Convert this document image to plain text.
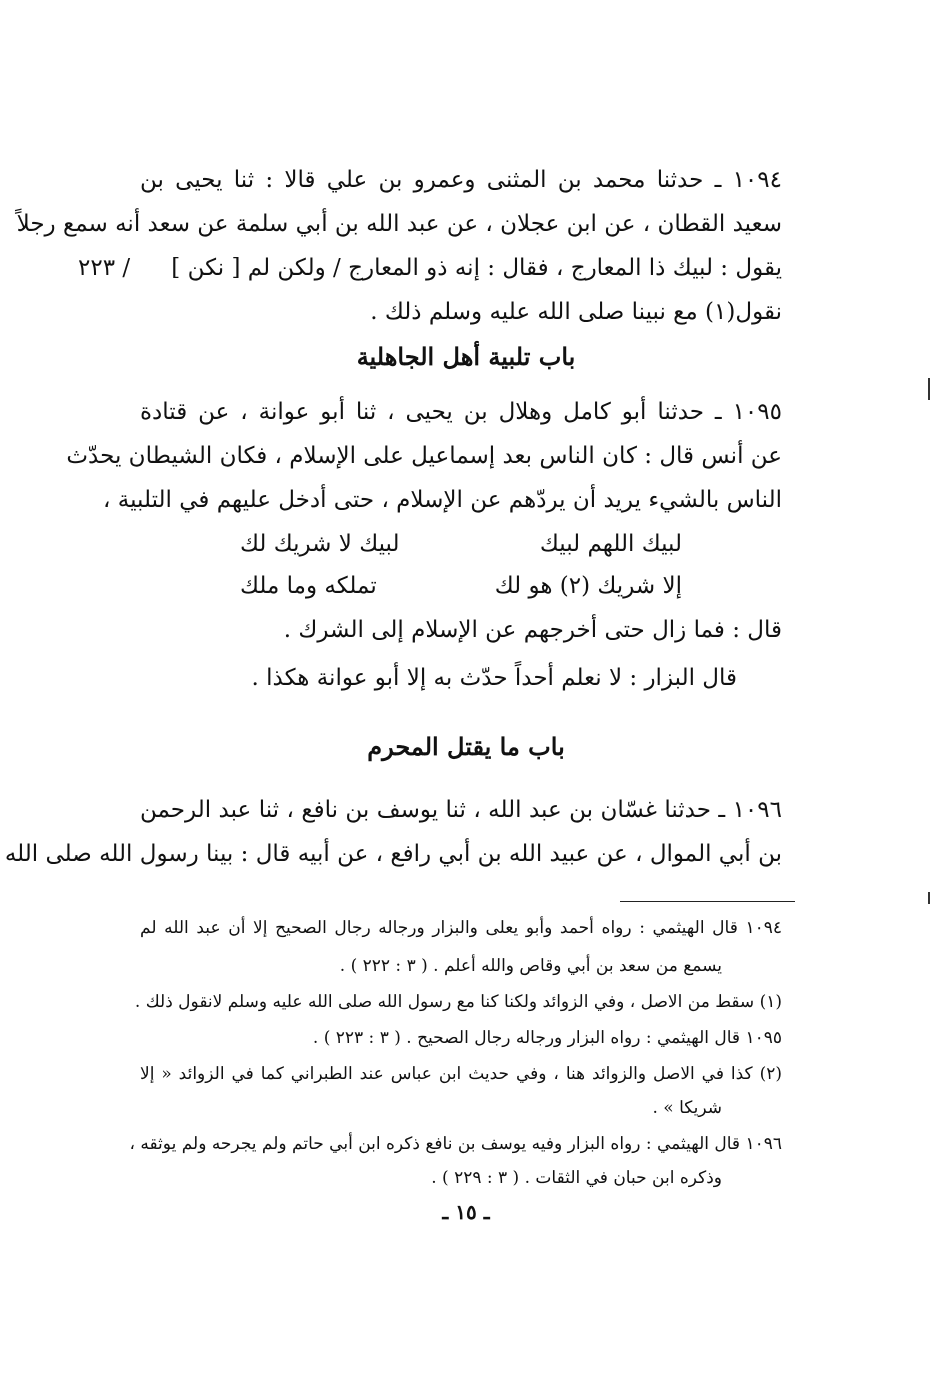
١٠٩٤ ـ حدثنا محمد بن المثنى وعمرو بن علي قالا : ثنا يحيى بن
سعيد القطان ، عن ابن عجلان ، عن عبد الله بن أبي سلمة عن سعد أنه سمع رجلاً
يقول : لبيك ذا المعارج ، فقال : إنه ذو المعارج / ولكن لم [ نكن ]
/ ٢٢٣
نقول(١) مع نبينا صلى الله عليه وسلم ذلك .
باب تلبية أهل الجاهلية
١٠٩٥ ـ حدثنا أبو كامل وهلال بن يحيى ، ثنا أبو عوانة ، عن قتادة
عن أنس قال : كان الناس بعد إسماعيل على الإسلام ، فكان الشيطان يحدّث
الناس بالشيء يريد أن يردّهم عن الإسلام ، حتى أدخل عليهم في التلبية ،
لبيك اللهم لبيك
لبيك لا شريك لك
إلا شريك (٢) هو لك
تملكه وما ملك
قال : فما زال حتى أخرجهم عن الإسلام إلى الشرك .
قال البزار : لا نعلم أحداً حدّث به إلا أبو عوانة هكذا .
باب ما يقتل المحرم
١٠٩٦ ـ حدثنا غسّان بن عبد الله ، ثنا يوسف بن نافع ، ثنا عبد الرحمن
بن أبي الموال ، عن عبيد الله بن أبي رافع ، عن أبيه قال : بينا رسول الله صلى الله
١٠٩٤ قال الهيثمي : رواه أحمد وأبو يعلى والبزار ورجاله رجال الصحيح إلا أن عبد الله لم
يسمع من سعد بن أبي وقاص والله أعلم . ( ٣ : ٢٢٢ ) .
(١) سقط من الاصل ، وفي الزوائد ولكنا كنا مع رسول الله صلى الله عليه وسلم لانقول ذلك .
١٠٩٥ قال الهيثمي : رواه البزار ورجاله رجال الصحيح . ( ٣ : ٢٢٣ ) .
(٢) كذا في الاصل والزوائد هنا ، وفي حديث ابن عباس عند الطبراني كما في الزوائد « إلا
شريكا » .
١٠٩٦ قال الهيثمي : رواه البزار وفيه يوسف بن نافع ذكره ابن أبي حاتم ولم يجرحه ولم يوثقه ،
وذكره ابن حبان في الثقات . ( ٣ : ٢٢٩ ) .
ـ ١٥ ـ
